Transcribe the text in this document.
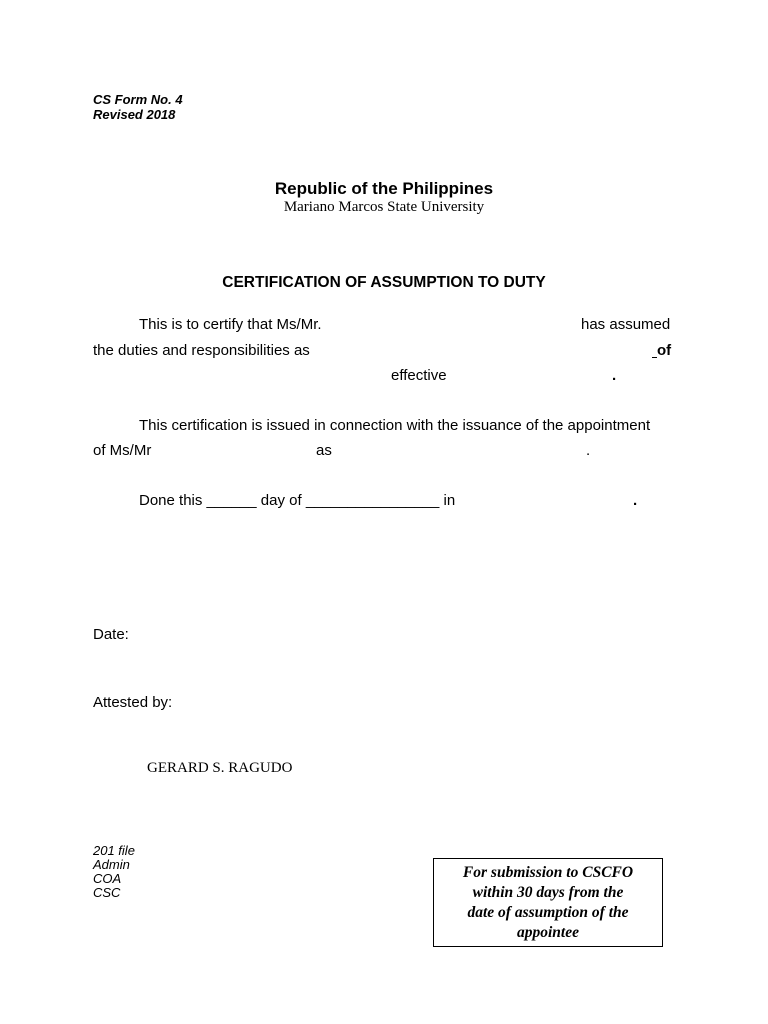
CS Form No. 4
Revised 2018
Republic of the Philippines
Mariano Marcos State University
CERTIFICATION OF ASSUMPTION TO DUTY
This is to certify that Ms/Mr.	has assumed
the duties and responsibilities as	of
effective	.
This certification is issued in connection with the issuance of the appointment
of Ms/Mr	as	.
Done this ______ day of ________________ in	.
Date:
Attested by:
GERARD S. RAGUDO
201 file
Admin
COA
CSC
For submission to CSCFO
within 30 days from the
date of assumption of the
appointee
